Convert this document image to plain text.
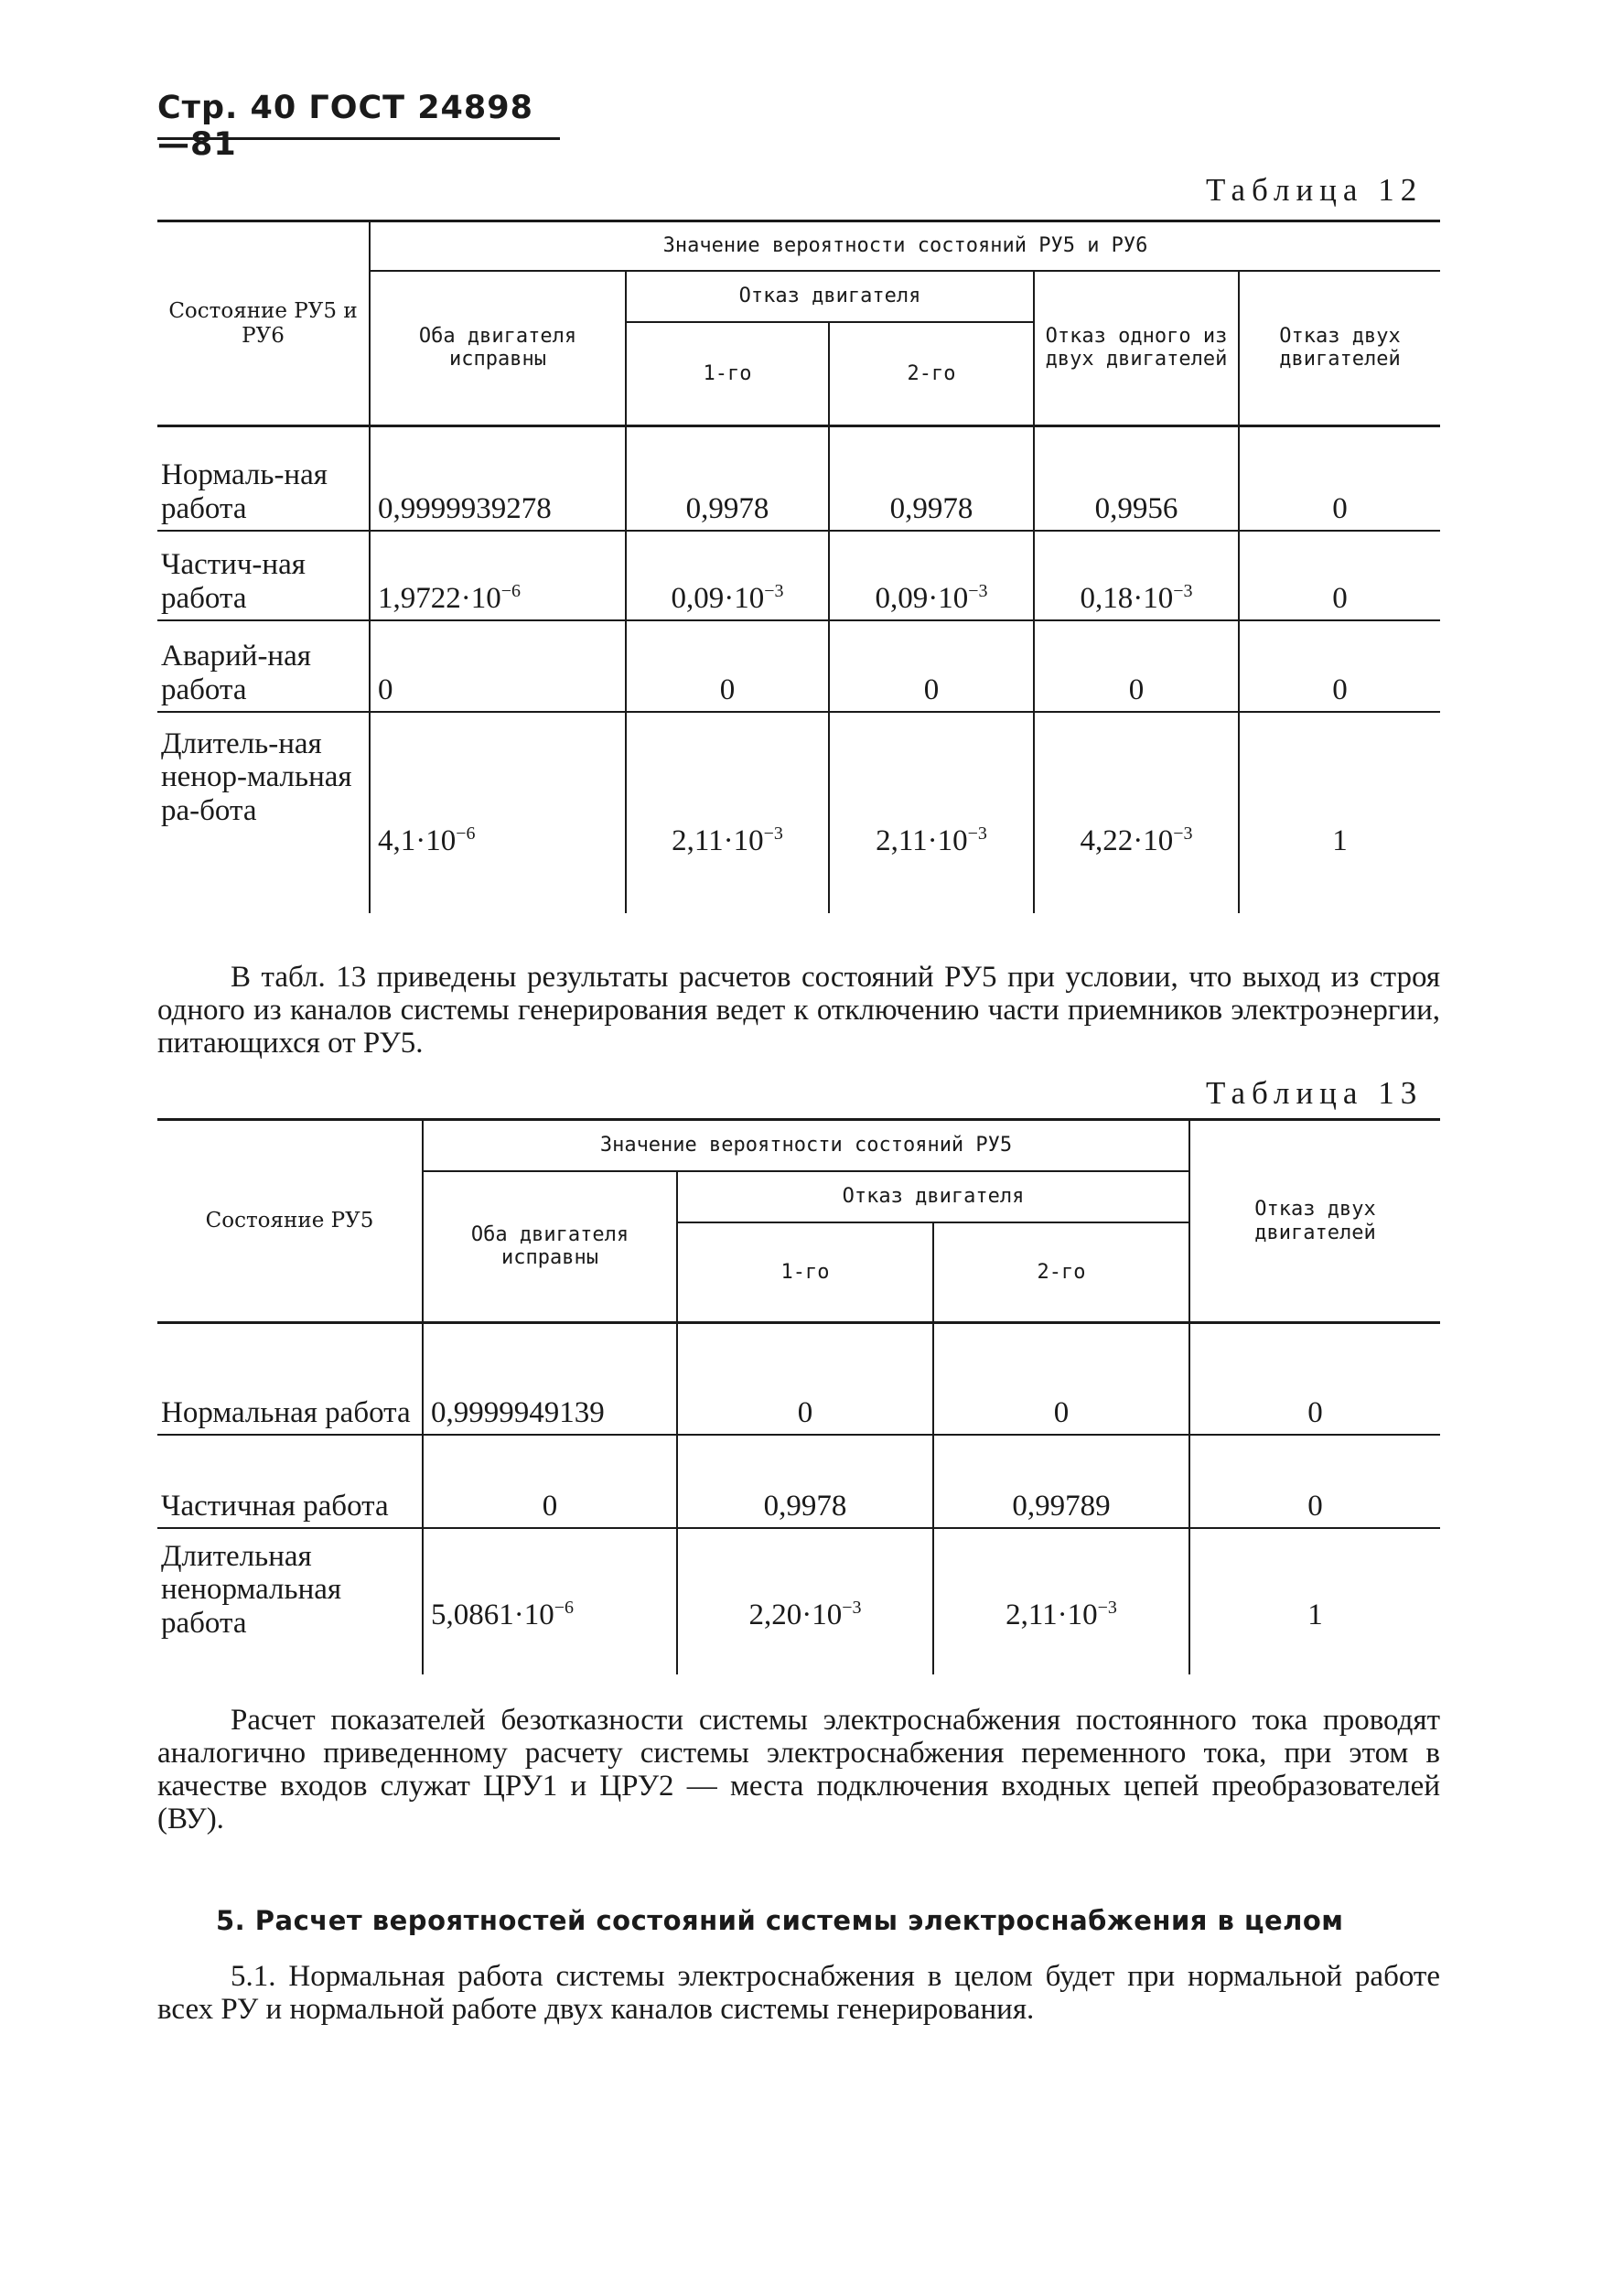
Стр. 40 ГОСТ 24898—81
Таблица 12
Состояние РУ5 и РУ6	Значение вероятности состояний РУ5 и РУ6				
	Оба двигателя исправны	Отказ двигателя		Отказ одного из двух двигателей	Отказ двух двигателей
		1-го	2-го		
Нормаль-ная работа	0,9999939278	0,9978	0,9978	0,9956	0
Частич-ная работа	$1,9722\cdot 10^{-6}$	$0,09\cdot 10^{-3}$	$0,09\cdot 10^{-3}$	$0,18\cdot 10^{-3}$	0
Аварий-ная работа	0	0	0	0	0
Длитель-ная ненор-мальная ра-бота	$4,1\cdot 10^{-6}$	$2,11\cdot 10^{-3}$	$2,11\cdot 10^{-3}$	$4,22\cdot 10^{-3}$	1
В табл. 13 приведены результаты расчетов состояний РУ5 при условии, что выход из строя одного из каналов системы генерирования ведет к отключению части приемников электроэнергии, питающихся от РУ5.
Таблица 13
Состояние РУ5	Значение вероятности состояний РУ5			Отказ двух двигателей
	Оба двигателя исправны	Отказ двигателя		
		1-го	2-го	
Нормальная работа	0,9999949139	0	0	0
Частичная работа	0	0,9978	0,99789	0
Длительная ненормальная работа	$5,0861\cdot 10^{-6}$	$2,20\cdot 10^{-3}$	$2,11\cdot 10^{-3}$	1
Расчет показателей безотказности системы электроснабжения постоянного тока проводят аналогично приведенному расчету системы электроснабжения переменного тока, при этом в качестве входов служат ЦРУ1 и ЦРУ2 — места подключения входных цепей преобразователей (ВУ).
5. Расчет вероятностей состояний системы электроснабжения в целом
5.1. Нормальная работа системы электроснабжения в целом будет при нормальной работе всех РУ и нормальной работе двух каналов системы генерирования.
